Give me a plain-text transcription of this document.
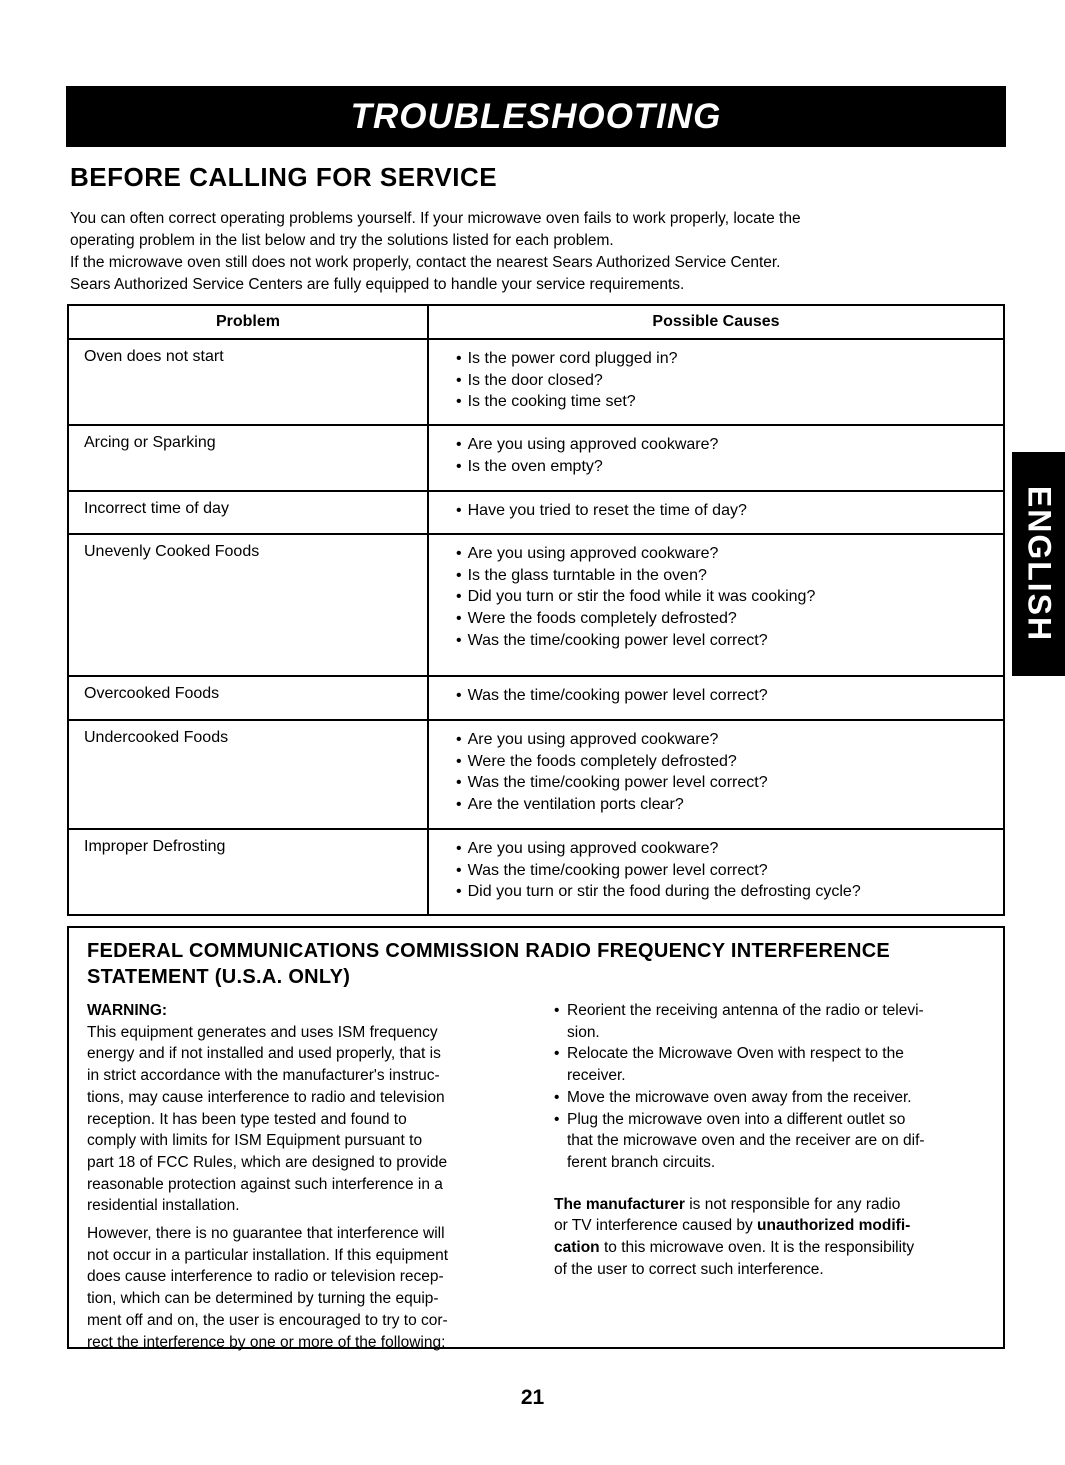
TROUBLESHOOTING
BEFORE CALLING FOR SERVICE
You can often correct operating problems yourself. If your microwave oven fails to work properly, locate the
operating problem in the list below and try the solutions listed for each problem.
If the microwave oven still does not work properly, contact the nearest Sears Authorized Service Center.
Sears Authorized Service Centers are fully equipped to handle your service requirements.
Problem	Possible Causes
Oven does not start	• Is the power cord plugged in?
• Is the door closed?
• Is the cooking time set?

Arcing or Sparking	• Are you using approved cookware?
• Is the oven empty?

Incorrect time of day	• Have you tried to reset the time of day?

Unevenly Cooked Foods	• Are you using approved cookware?
• Is the glass turntable in the oven?
• Did you turn or stir the food while it was cooking?
• Were the foods completely defrosted?
• Was the time/cooking power level correct?

Overcooked Foods	• Was the time/cooking power level correct?

Undercooked Foods	• Are you using approved cookware?
• Were the foods completely defrosted?
• Was the time/cooking power level correct?
• Are the ventilation ports clear?

Improper Defrosting	• Are you using approved cookware?
• Was the time/cooking power level correct?
• Did you turn or stir the food during the defrosting cycle?
ENGLISH
FEDERAL COMMUNICATIONS COMMISSION RADIO FREQUENCY INTERFERENCE
STATEMENT (U.S.A. ONLY)
WARNING:
This equipment generates and uses ISM frequency
energy and if not installed and used properly, that is
in strict accordance with the manufacturer's instruc-
tions, may cause interference to radio and television
reception. It has been type tested and found to
comply with limits for ISM Equipment pursuant to
part 18 of FCC Rules, which are designed to provide
reasonable protection against such interference in a
residential installation.
However, there is no guarantee that interference will
not occur in a particular installation. If this equipment
does cause interference to radio or television recep-
tion, which can be determined by turning the equip-
ment off and on, the user is encouraged to try to cor-
rect the interference by one or more of the following:
• Reorient the receiving antenna of the radio or televi-
sion.
• Relocate the Microwave Oven with respect to the
receiver.
• Move the microwave oven away from the receiver.
• Plug the microwave oven into a different outlet so
that the microwave oven and the receiver are on dif-
ferent branch circuits.
The manufacturer is not responsible for any radio
or TV interference caused by unauthorized modifi-
cation to this microwave oven. It is the responsibility
of the user to correct such interference.
21
